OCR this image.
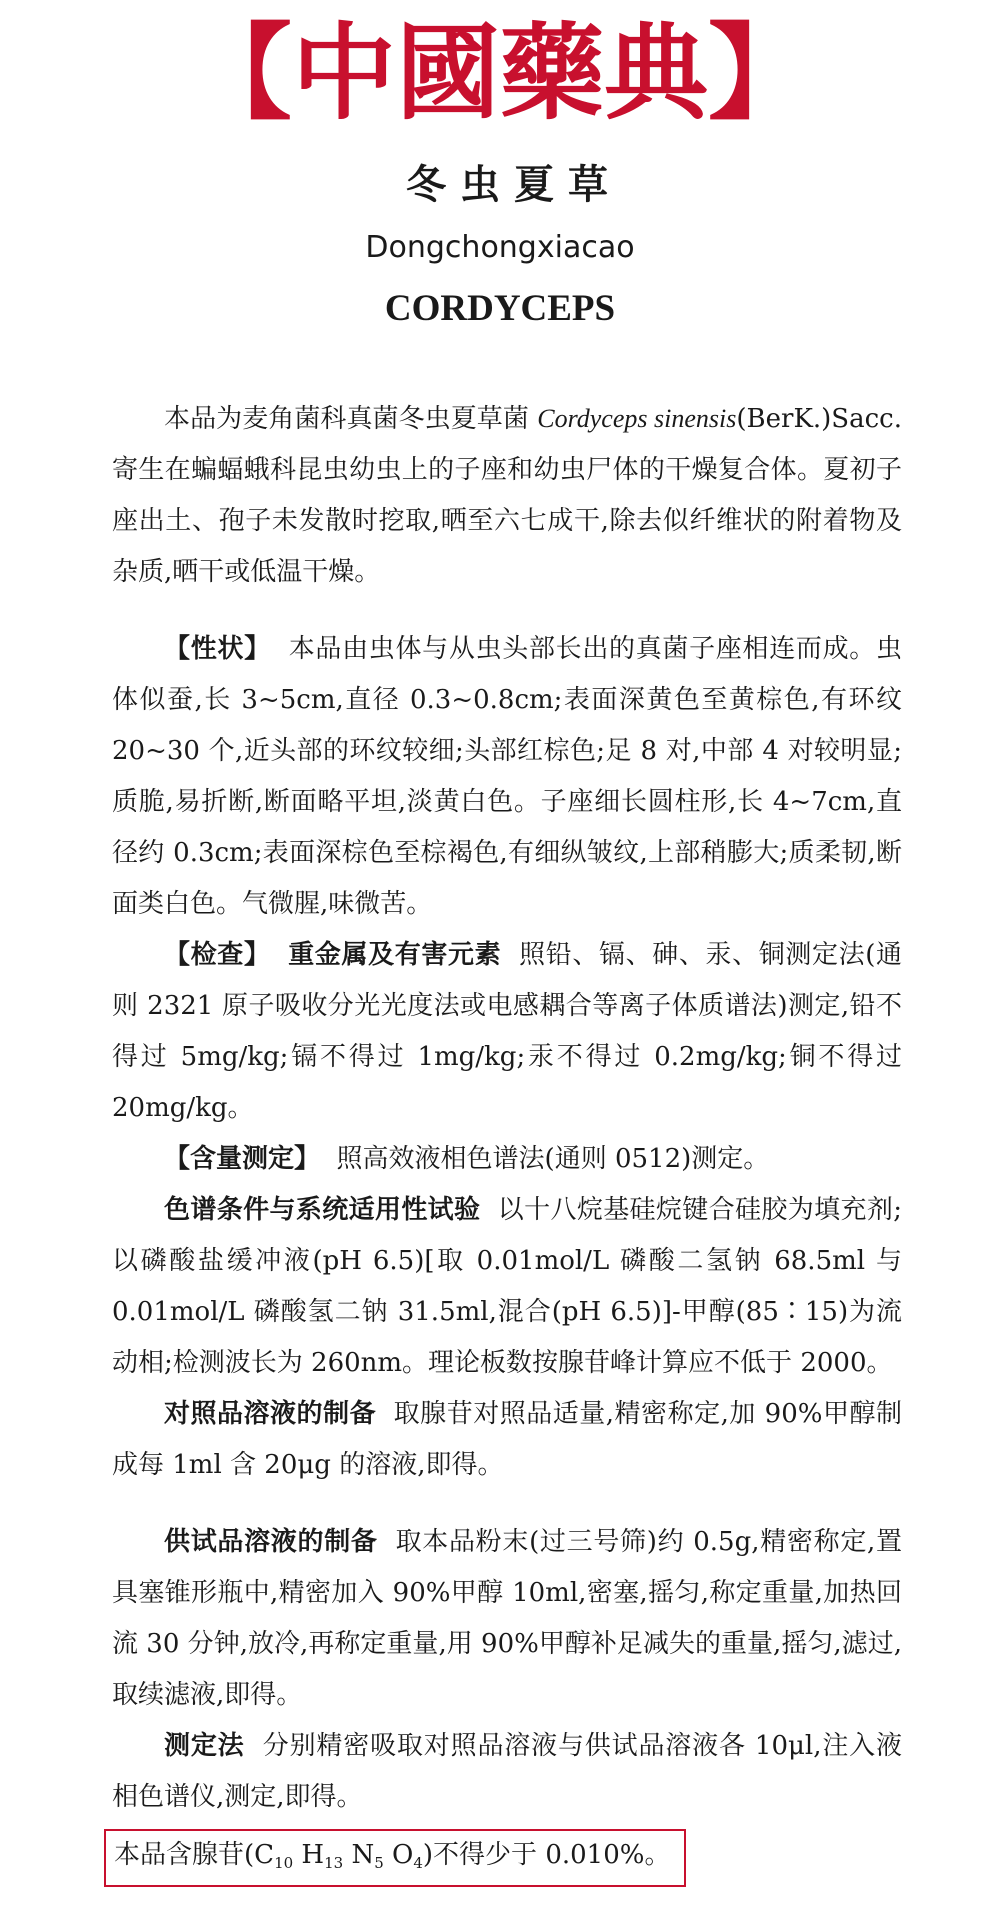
【中國藥典】
冬虫夏草
Dongchongxiacao
CORDYCEPS

本品为麦角菌科真菌冬虫夏草菌 Cordyceps sinensis(BerK.)Sacc. 寄生在蝙蝠蛾科昆虫幼虫上的子座和幼虫尸体的干燥复合体。夏初子座出土、孢子未发散时挖取,晒至六七成干,除去似纤维状的附着物及杂质,晒干或低温干燥。

【性状】 本品由虫体与从虫头部长出的真菌子座相连而成。虫体似蚕,长 3~5cm,直径 0.3~0.8cm;表面深黄色至黄棕色,有环纹 20~30 个,近头部的环纹较细;头部红棕色;足 8 对,中部 4 对较明显;质脆,易折断,断面略平坦,淡黄白色。子座细长圆柱形,长 4~7cm,直径约 0.3cm;表面深棕色至棕褐色,有细纵皱纹,上部稍膨大;质柔韧,断面类白色。气微腥,味微苦。

【检查】 重金属及有害元素 照铅、镉、砷、汞、铜测定法(通则 2321 原子吸收分光光度法或电感耦合等离子体质谱法)测定,铅不得过 5mg/kg;镉不得过 1mg/kg;汞不得过 0.2mg/kg;铜不得过 20mg/kg。

【含量测定】 照高效液相色谱法(通则 0512)测定。

色谱条件与系统适用性试验 以十八烷基硅烷键合硅胶为填充剂;以磷酸盐缓冲液(pH 6.5)[取 0.01mol/L 磷酸二氢钠 68.5ml 与 0.01mol/L 磷酸氢二钠 31.5ml,混合(pH 6.5)]-甲醇(85∶15)为流动相;检测波长为 260nm。理论板数按腺苷峰计算应不低于 2000。

对照品溶液的制备 取腺苷对照品适量,精密称定,加 90%甲醇制成每 1ml 含 20μg 的溶液,即得。

供试品溶液的制备 取本品粉末(过三号筛)约 0.5g,精密称定,置具塞锥形瓶中,精密加入 90%甲醇 10ml,密塞,摇匀,称定重量,加热回流 30 分钟,放冷,再称定重量,用 90%甲醇补足减失的重量,摇匀,滤过,取续滤液,即得。

测定法 分别精密吸取对照品溶液与供试品溶液各 10μl,注入液相色谱仪,测定,即得。

本品含腺苷($C_{10}$ $H_{13}$ $N_5$ $O_4$)不得少于 0.010%。
